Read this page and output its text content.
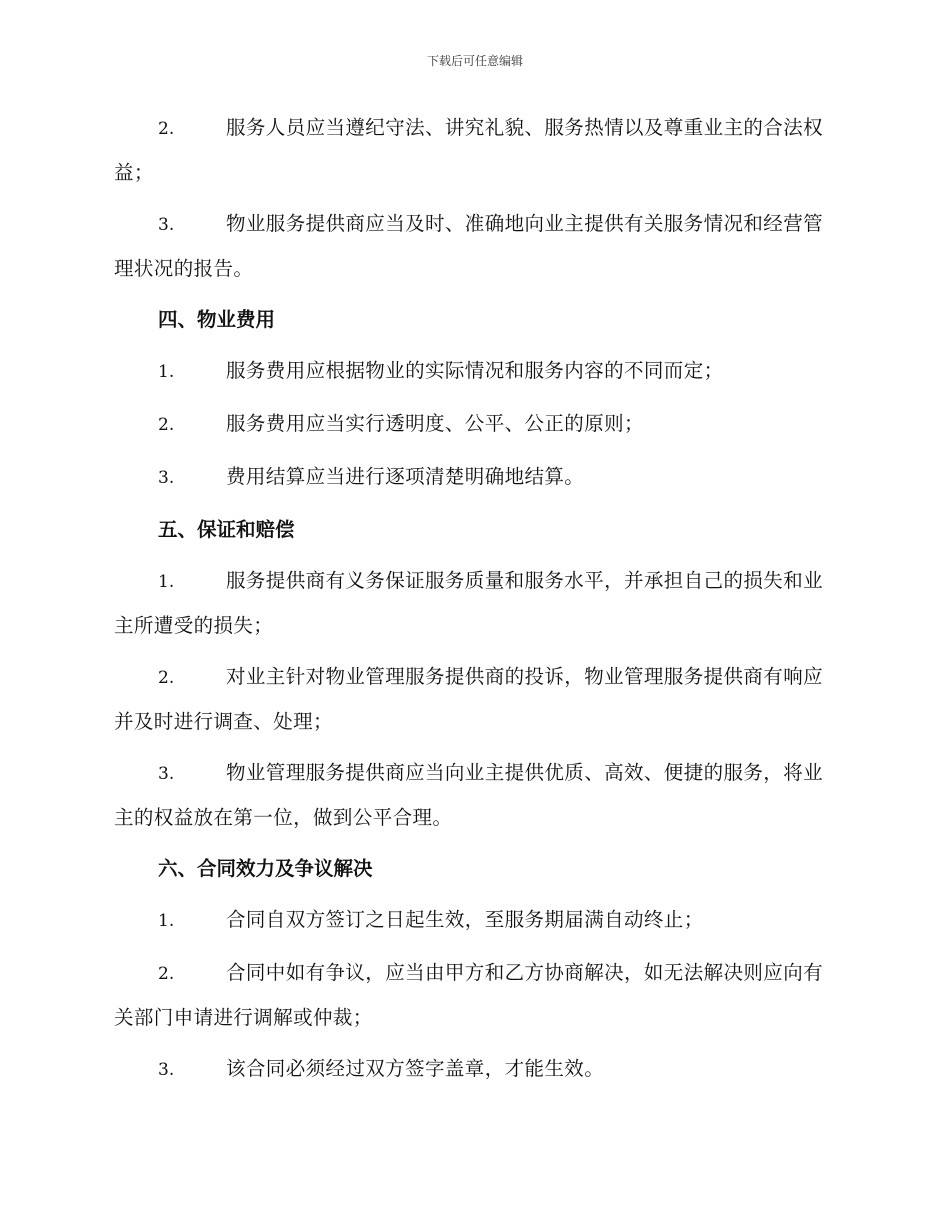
下载后可任意编辑
2.	服务人员应当遵纪守法、讲究礼貌、服务热情以及尊重业主的合法权益；
3.	物业服务提供商应当及时、准确地向业主提供有关服务情况和经营管理状况的报告。
四、物业费用
1.	服务费用应根据物业的实际情况和服务内容的不同而定；
2.	服务费用应当实行透明度、公平、公正的原则；
3.	费用结算应当进行逐项清楚明确地结算。
五、保证和赔偿
1.	服务提供商有义务保证服务质量和服务水平，并承担自己的损失和业主所遭受的损失；
2.	对业主针对物业管理服务提供商的投诉，物业管理服务提供商有响应并及时进行调查、处理；
3.	物业管理服务提供商应当向业主提供优质、高效、便捷的服务，将业主的权益放在第一位，做到公平合理。
六、合同效力及争议解决
1.	合同自双方签订之日起生效，至服务期届满自动终止；
2.	合同中如有争议，应当由甲方和乙方协商解决，如无法解决则应向有关部门申请进行调解或仲裁；
3.	该合同必须经过双方签字盖章，才能生效。
